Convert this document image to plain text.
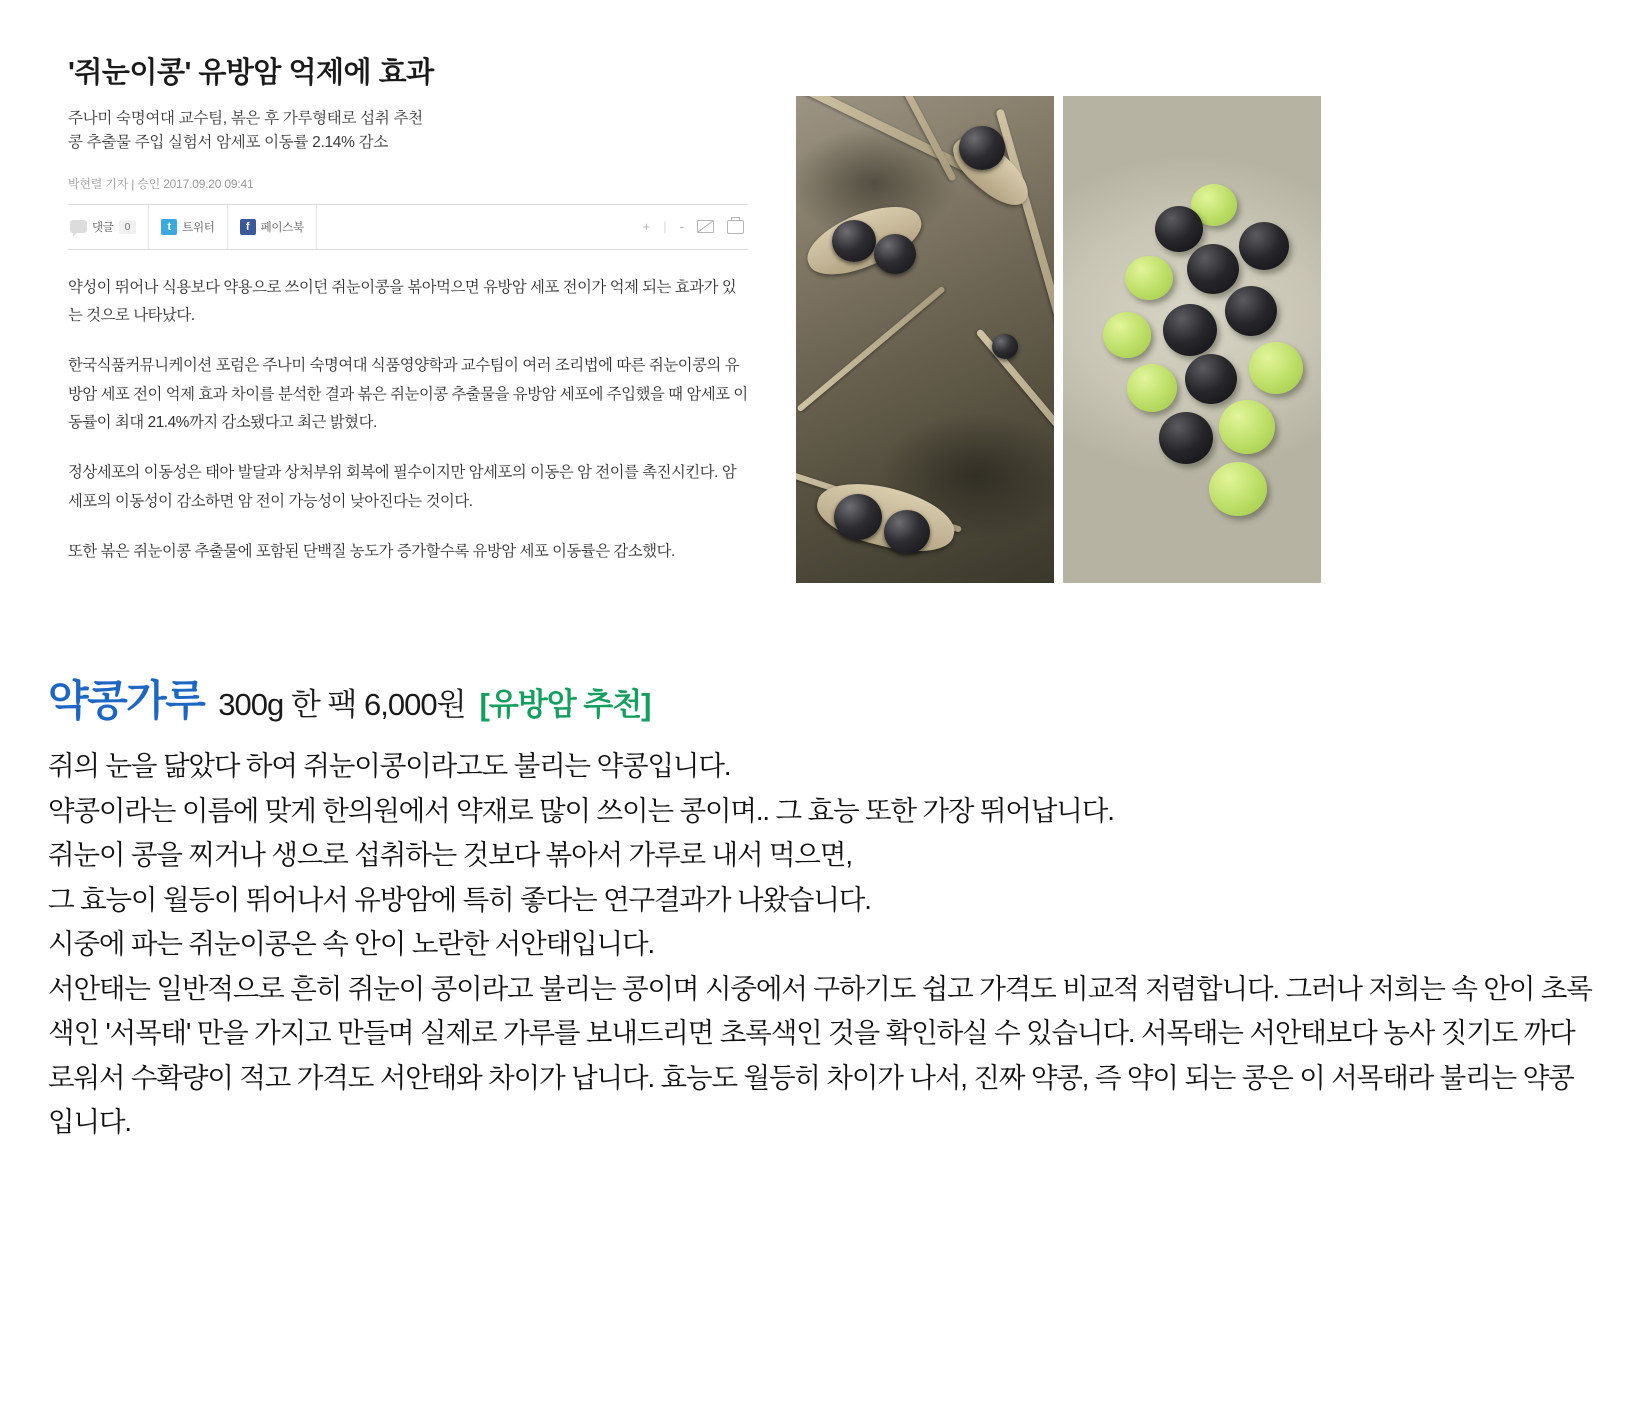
'쥐눈이콩' 유방암 억제에 효과
주나미 숙명여대 교수팀, 볶은 후 가루형태로 섭취 추천
콩 추출물 주입 실험서 암세포 이동률 2.14% 감소
박현렬 기자 | 승인 2017.09.20 09:41
댓글	0	t 트위터	f 페이스북	+ | -

약성이 뛰어나 식용보다 약용으로 쓰이던 쥐눈이콩을 볶아먹으면 유방암 세포 전이가 억제 되는 효과가 있는 것으로 나타났다.

한국식품커뮤니케이션 포럼은 주나미 숙명여대 식품영양학과 교수팀이 여러 조리법에 따른 쥐눈이콩의 유방암 세포 전이 억제 효과 차이를 분석한 결과 볶은 쥐눈이콩 추출물을 유방암 세포에 주입했을 때 암세포 이동률이 최대 21.4%까지 감소됐다고 최근 밝혔다.

정상세포의 이동성은 태아 발달과 상처부위 회복에 필수이지만 암세포의 이동은 암 전이를 촉진시킨다. 암세포의 이동성이 감소하면 암 전이 가능성이 낮아진다는 것이다.

또한 볶은 쥐눈이콩 추출물에 포함된 단백질 농도가 증가할수록 유방암 세포 이동률은 감소했다.

약콩가루 300g 한 팩 6,000원 [유방암 추천]
쥐의 눈을 닮았다 하여 쥐눈이콩이라고도 불리는 약콩입니다.
약콩이라는 이름에 맞게 한의원에서 약재로 많이 쓰이는 콩이며.. 그 효능 또한 가장 뛰어납니다.
쥐눈이 콩을 찌거나 생으로 섭취하는 것보다 볶아서 가루로 내서 먹으면,
그 효능이 월등이 뛰어나서 유방암에 특히 좋다는 연구결과가 나왔습니다.
시중에 파는 쥐눈이콩은 속 안이 노란한 서안태입니다.
서안태는 일반적으로 흔히 쥐눈이 콩이라고 불리는 콩이며 시중에서 구하기도 쉽고 가격도 비교적 저렴합니다. 그러나 저희는 속 안이 초록색인 '서목태' 만을 가지고 만들며 실제로 가루를 보내드리면 초록색인 것을 확인하실 수 있습니다. 서목태는 서안태보다 농사 짓기도 까다로워서 수확량이 적고 가격도 서안태와 차이가 납니다. 효능도 월등히 차이가 나서, 진짜 약콩, 즉 약이 되는 콩은 이 서목태라 불리는 약콩입니다.
